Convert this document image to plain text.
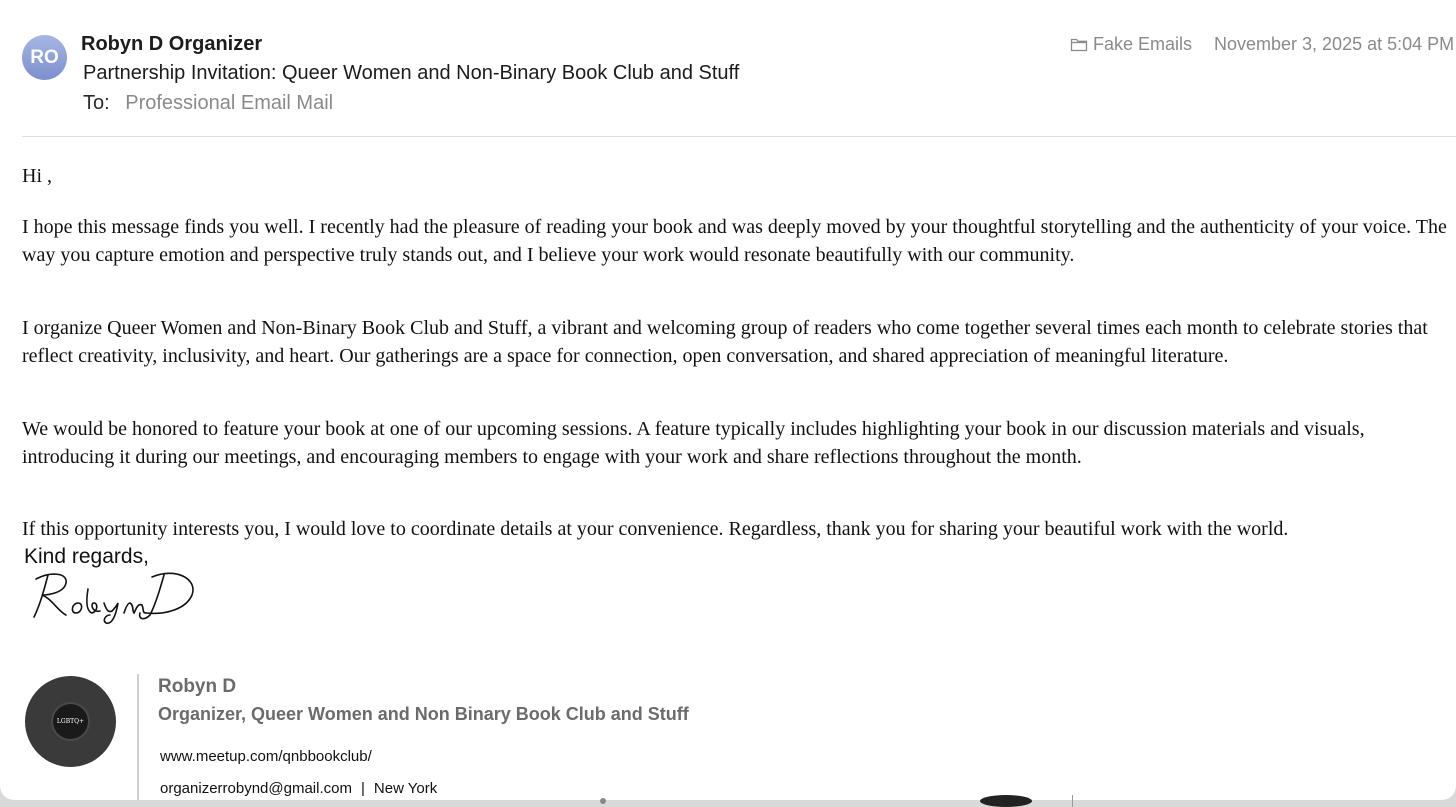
RO
Robyn D Organizer
Partnership Invitation: Queer Women and Non-Binary Book Club and Stuff
To: Professional Email Mail
Fake Emails November 3, 2025 at 5:04 PM

Hi ,

I hope this message finds you well. I recently had the pleasure of reading your book and was deeply moved by your thoughtful storytelling and the authenticity of your voice. The way you capture emotion and perspective truly stands out, and I believe your work would resonate beautifully with our community.

I organize Queer Women and Non-Binary Book Club and Stuff, a vibrant and welcoming group of readers who come together several times each month to celebrate stories that reflect creativity, inclusivity, and heart. Our gatherings are a space for connection, open conversation, and shared appreciation of meaningful literature.

We would be honored to feature your book at one of our upcoming sessions. A feature typically includes highlighting your book in our discussion materials and visuals, introducing it during our meetings, and encouraging members to engage with your work and share reflections throughout the month.

If this opportunity interests you, I would love to coordinate details at your convenience. Regardless, thank you for sharing your beautiful work with the world.

Kind regards,
LGBTQ+
Robyn D
Organizer, Queer Women and Non Binary Book Club and Stuff
www.meetup.com/qnbbookclub/
organizerrobynd@gmail.com | New York
